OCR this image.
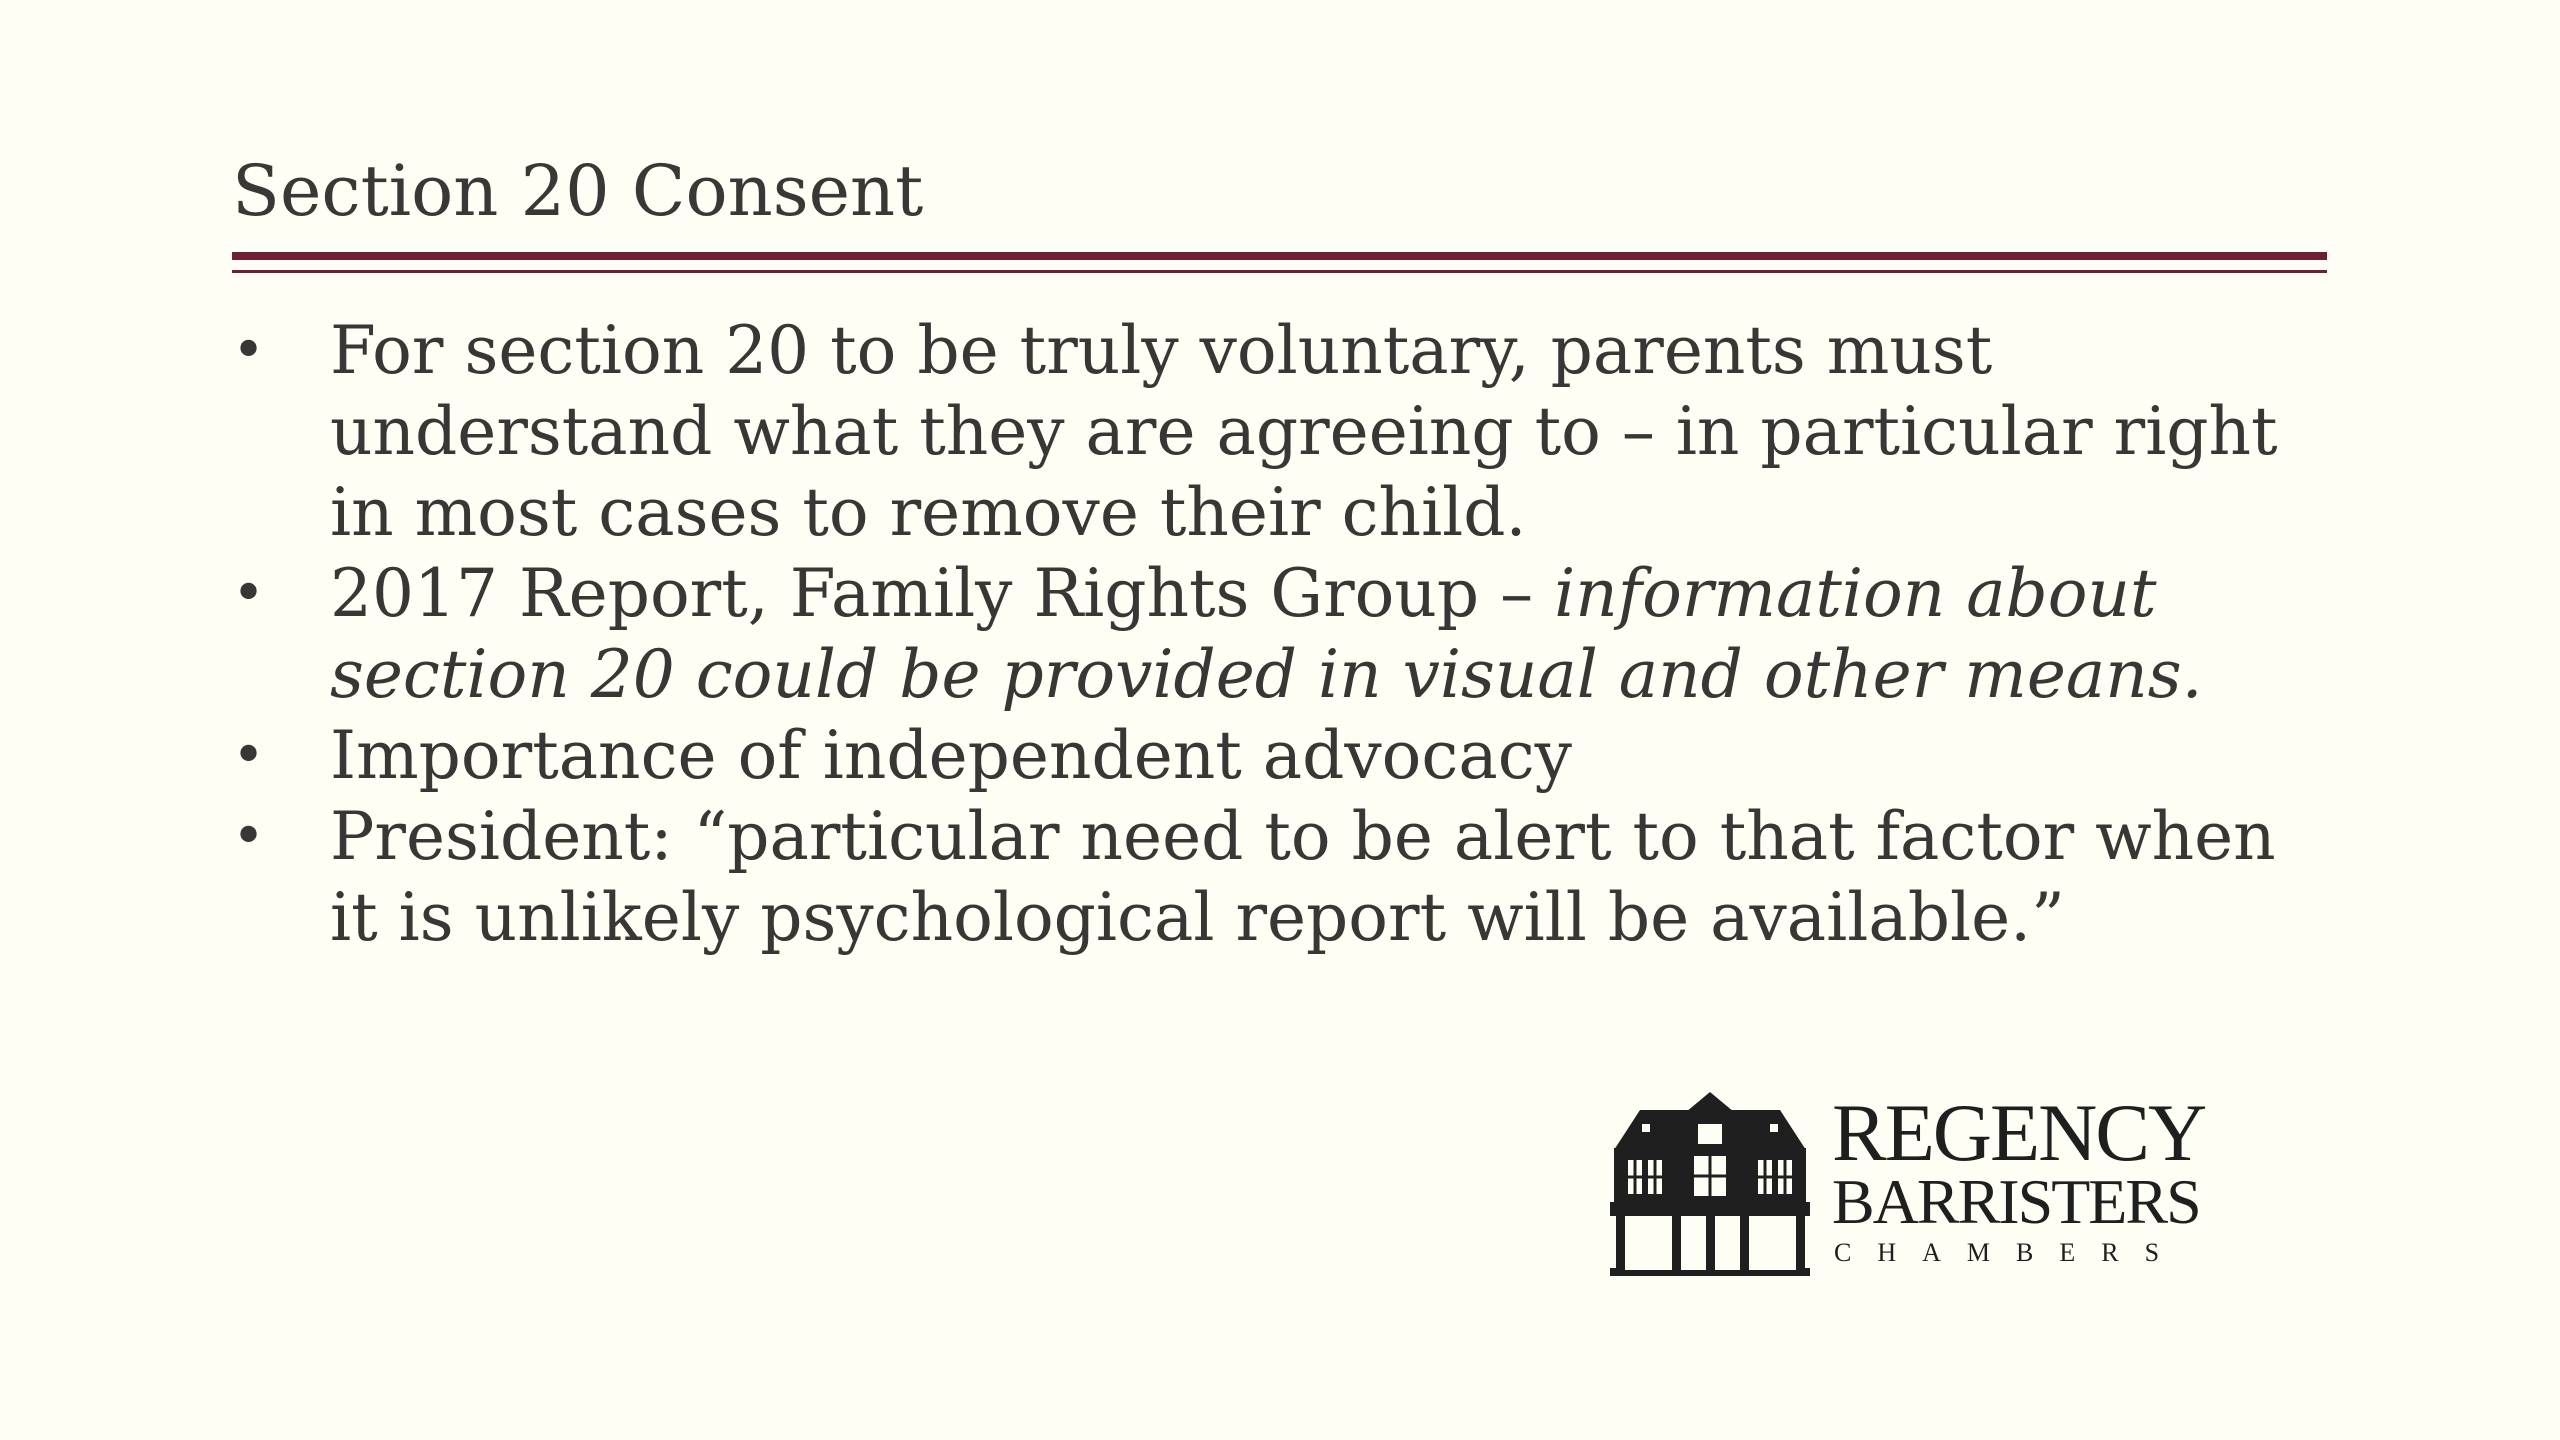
Section 20 Consent
• For section 20 to be truly voluntary, parents must understand what they are agreeing to – in particular right in most cases to remove their child.
• 2017 Report, Family Rights Group – information about section 20 could be provided in visual and other means.
• Importance of independent advocacy
• President: “particular need to be alert to that factor when it is unlikely psychological report will be available.”
REGENCY
BARRISTERS
CHAMBERS
